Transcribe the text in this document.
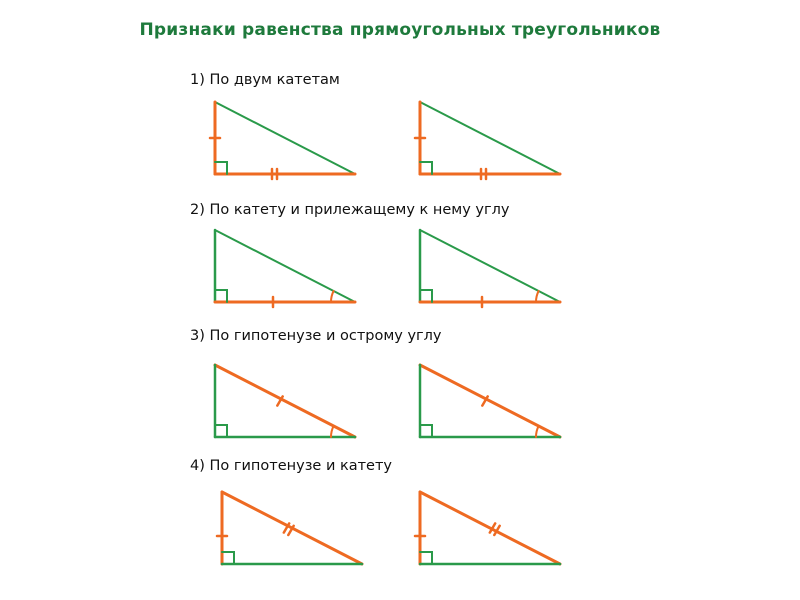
Признаки равенства прямоугольных треугольников
1) По двум катетам
2) По катету и прилежащему к нему углу
3) По гипотенузе и острому углу
4) По гипотенузе и катету
